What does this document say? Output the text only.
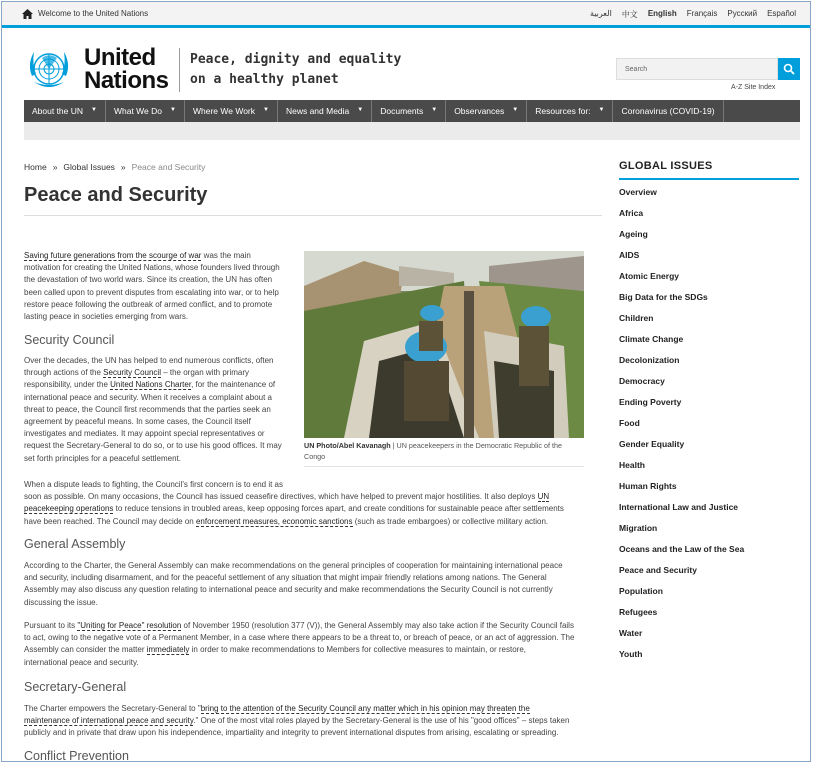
Welcome to the United Nations	العربية 中文 English Français Русский Español
United
Nations
Peace, dignity and equality
on a healthy planet
Search
A-Z Site Index
About the UN ▼ What We Do ▼ Where We Work ▼ News and Media ▼ Documents ▼ Observances ▼ Resources for: ▼ Coronavirus (COVID-19)
Home » Global Issues » Peace and Security
Peace and Security
Saving future generations from the scourge of war was the main
motivation for creating the United Nations, whose founders lived through
the devastation of two world wars. Since its creation, the UN has often
been called upon to prevent disputes from escalating into war, or to help
restore peace following the outbreak of armed conflict, and to promote
lasting peace in societies emerging from wars.
Security Council
Over the decades, the UN has helped to end numerous conflicts, often
through actions of the Security Council – the organ with primary
responsibility, under the United Nations Charter, for the maintenance of
international peace and security. When it receives a complaint about a
threat to peace, the Council first recommends that the parties seek an
agreement by peaceful means. In some cases, the Council itself
investigates and mediates. It may appoint special representatives or
request the Secretary-General to do so, or to use his good offices. It may
set forth principles for a peaceful settlement.
UN Photo/Abel Kavanagh | UN peacekeepers in the Democratic Republic of the Congo
When a dispute leads to fighting, the Council's first concern is to end it as
soon as possible. On many occasions, the Council has issued ceasefire directives, which have helped to prevent major hostilities. It also deploys UN
peacekeeping operations to reduce tensions in troubled areas, keep opposing forces apart, and create conditions for sustainable peace after settlements
have been reached. The Council may decide on enforcement measures, economic sanctions (such as trade embargoes) or collective military action.
General Assembly
According to the Charter, the General Assembly can make recommendations on the general principles of cooperation for maintaining international peace
and security, including disarmament, and for the peaceful settlement of any situation that might impair friendly relations among nations. The General
Assembly may also discuss any question relating to international peace and security and make recommendations the Security Council is not currently
discussing the issue.
Pursuant to its "Uniting for Peace" resolution of November 1950 (resolution 377 (V)), the General Assembly may also take action if the Security Council fails
to act, owing to the negative vote of a Permanent Member, in a case where there appears to be a threat to, or breach of peace, or an act of aggression. The
Assembly can consider the matter immediately in order to make recommendations to Members for collective measures to maintain, or restore,
international peace and security.
Secretary-General
The Charter empowers the Secretary-General to "bring to the attention of the Security Council any matter which in his opinion may threaten the
maintenance of international peace and security." One of the most vital roles played by the Secretary-General is the use of his "good offices" – steps taken
publicly and in private that draw upon his independence, impartiality and integrity to prevent international disputes from arising, escalating or spreading.
Conflict Prevention
GLOBAL ISSUES
Overview
Africa
Ageing
AIDS
Atomic Energy
Big Data for the SDGs
Children
Climate Change
Decolonization
Democracy
Ending Poverty
Food
Gender Equality
Health
Human Rights
International Law and Justice
Migration
Oceans and the Law of the Sea
Peace and Security
Population
Refugees
Water
Youth
